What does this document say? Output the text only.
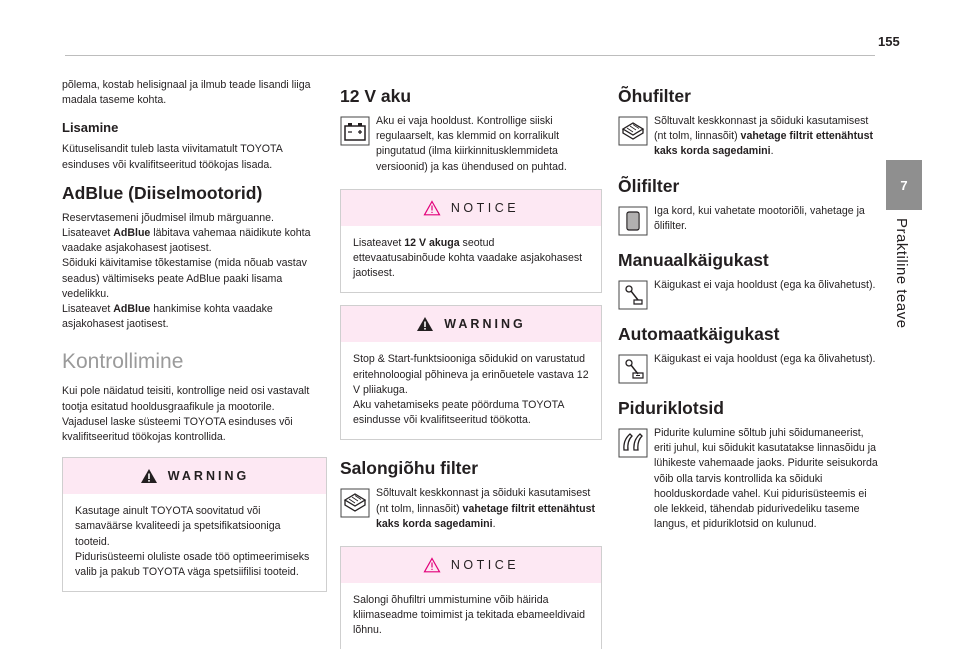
155
7
Praktiline teave

põlema, kostab helisignaal ja ilmub teade lisandi liiga madala taseme kohta.

Lisamine

Kütuselisandit tuleb lasta viivitamatult TOYOTA esinduses või kvalifitseeritud töökojas lisada.

AdBlue (Diiselmootorid)

Reservtasemeni jõudmisel ilmub märguanne.
Lisateavet AdBlue läbitava vahemaa näidikute kohta vaadake asjakohasest jaotisest.
Sõiduki käivitamise tõkestamise (mida nõuab vastav seadus) vältimiseks peate AdBlue paaki lisama vedelikku.
Lisateavet AdBlue hankimise kohta vaadake asjakohasest jaotisest.

Kontrollimine

Kui pole näidatud teisiti, kontrollige neid osi vastavalt tootja esitatud hooldusgraafikule ja mootorile.
Vajadusel laske süsteemi TOYOTA esinduses või kvalifitseeritud töökojas kontrollida.

WARNING

Kasutage ainult TOYOTA soovitatud või samaväärse kvaliteedi ja spetsifikatsiooniga tooteid.
Pidurisüsteemi oluliste osade töö optimeerimiseks valib ja pakub TOYOTA väga spetsiifilisi tooteid.

12 V aku

Aku ei vaja hooldust. Kontrollige siiski regulaarselt, kas klemmid on korralikult pingutatud (ilma kiirkinnitusklemmideta versioonid) ja kas ühendused on puhtad.

NOTICE

Lisateavet 12 V akuga seotud ettevaatusabinõude kohta vaadake asjakohasest jaotisest.

WARNING

Stop & Start-funktsiooniga sõidukid on varustatud eritehnoloogial põhineva ja erinõuetele vastava 12 V pliiakuga.
Aku vahetamiseks peate pöörduma TOYOTA esindusse või kvalifitseeritud töökotta.

Salongiõhu filter

Sõltuvalt keskkonnast ja sõiduki kasutamisest (nt tolm, linnasõit) vahetage filtrit ettenähtust kaks korda sagedamini.

NOTICE

Salongi õhufiltri ummistumine võib häirida kliimaseadme toimimist ja tekitada ebameeldivaid lõhnu.

Õhufilter

Sõltuvalt keskkonnast ja sõiduki kasutamisest (nt tolm, linnasõit) vahetage filtrit ettenähtust kaks korda sagedamini.

Õlifilter

Iga kord, kui vahetate mootoriõli, vahetage ja õlifilter.

Manuaalkäigukast

Käigukast ei vaja hooldust (ega ka õlivahetust).

Automaatkäigukast

Käigukast ei vaja hooldust (ega ka õlivahetust).

Piduriklotsid

Pidurite kulumine sõltub juhi sõidumaneerist, eriti juhul, kui sõidukit kasutatakse linnasõidu ja lühikeste vahemaade jaoks. Pidurite seisukorda võib olla tarvis kontrollida ka sõiduki hoolduskordade vahel. Kui pidurisüsteemis ei ole lekkeid, tähendab pidurivedeliku taseme langus, et piduriklotsid on kulunud.
